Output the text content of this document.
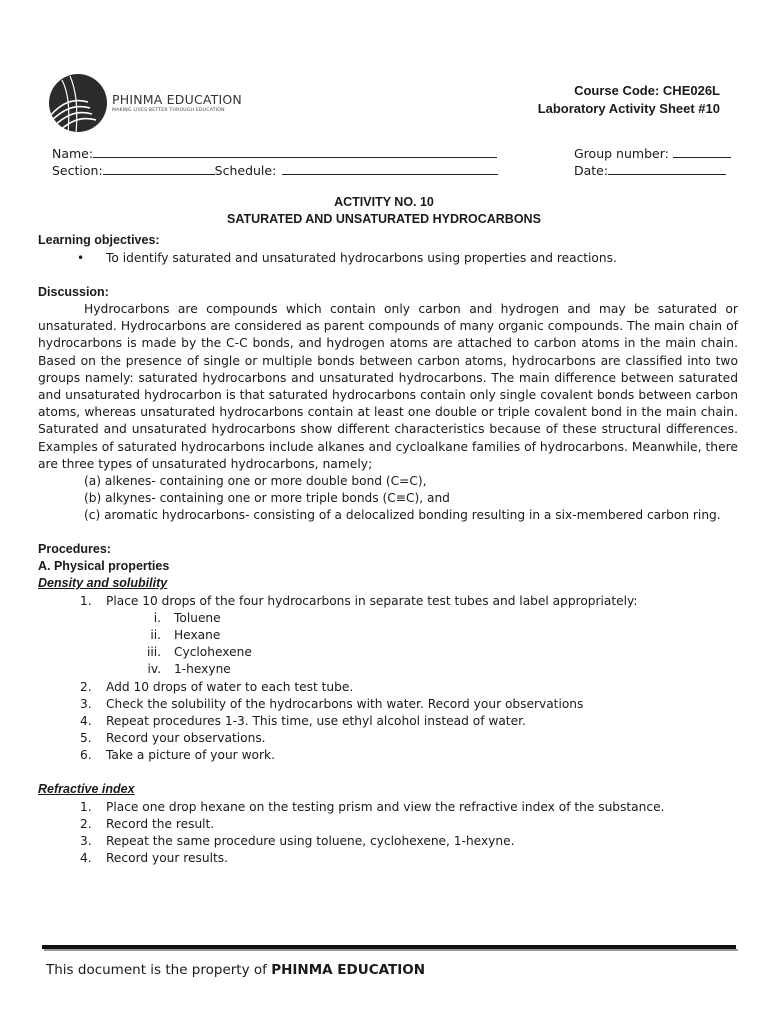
PHINMA EDUCATION
MAKING LIVES BETTER THROUGH EDUCATION
Course Code: CHE026L
Laboratory Activity Sheet #10
Name:
Section:	Schedule:
Group number:
Date:
ACTIVITY NO. 10
SATURATED AND UNSATURATED HYDROCARBONS
Learning objectives:
• To identify saturated and unsaturated hydrocarbons using properties and reactions.
Discussion:
Hydrocarbons are compounds which contain only carbon and hydrogen and may be saturated or unsaturated. Hydrocarbons are considered as parent compounds of many organic compounds. The main chain of hydrocarbons is made by the C-C bonds, and hydrogen atoms are attached to carbon atoms in the main chain. Based on the presence of single or multiple bonds between carbon atoms, hydrocarbons are classified into two groups namely: saturated hydrocarbons and unsaturated hydrocarbons. The main difference between saturated and unsaturated hydrocarbon is that saturated hydrocarbons contain only single covalent bonds between carbon atoms, whereas unsaturated hydrocarbons contain at least one double or triple covalent bond in the main chain. Saturated and unsaturated hydrocarbons show different characteristics because of these structural differences. Examples of saturated hydrocarbons include alkanes and cycloalkane families of hydrocarbons. Meanwhile, there are three types of unsaturated hydrocarbons, namely;
(a) alkenes- containing one or more double bond (C=C),
(b) alkynes- containing one or more triple bonds (C≡C), and
(c) aromatic hydrocarbons- consisting of a delocalized bonding resulting in a six-membered carbon ring.
Procedures:
A. Physical properties
Density and solubility
1. Place 10 drops of the four hydrocarbons in separate test tubes and label appropriately:
i. Toluene
ii. Hexane
iii. Cyclohexene
iv. 1-hexyne
2. Add 10 drops of water to each test tube.
3. Check the solubility of the hydrocarbons with water. Record your observations
4. Repeat procedures 1-3. This time, use ethyl alcohol instead of water.
5. Record your observations.
6. Take a picture of your work.
Refractive index
1. Place one drop hexane on the testing prism and view the refractive index of the substance.
2. Record the result.
3. Repeat the same procedure using toluene, cyclohexene, 1-hexyne.
4. Record your results.
This document is the property of PHINMA EDUCATION
